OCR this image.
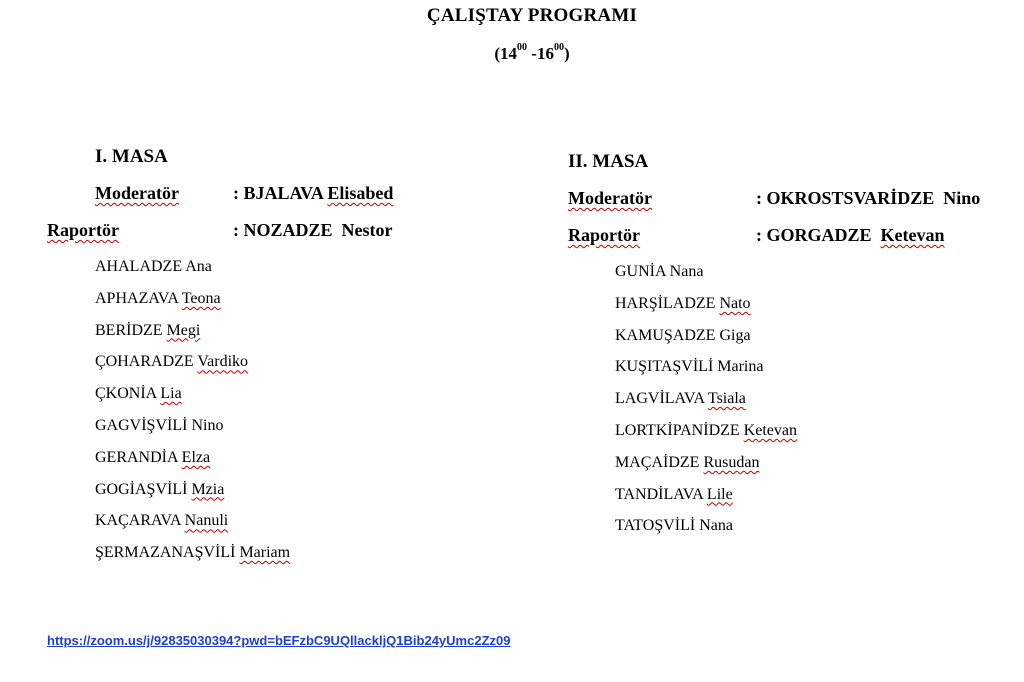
ÇALIŞTAY PROGRAMI
($14^{00}$ $-16^{00}$)
I. MASA
Moderatör	: BJALAVA Elisabed
Raportör	: NOZADZE Nestor
AHALADZE Ana
APHAZAVA Teona
BERİDZE Megi
ÇOHARADZE Vardiko
ÇKONİA Lia
GAGVİŞVİLİ Nino
GERANDİA Elza
GOGİAŞVİLİ Mzia
KAÇARAVA Nanuli
ŞERMAZANAŞVİLİ Mariam
II. MASA
Moderatör	: OKROSTSVARİDZE Nino
Raportör	: GORGADZE Ketevan
GUNİA Nana
HARŞİLADZE Nato
KAMUŞADZE Giga
KUŞITAŞVİLİ Marina
LAGVİLAVA Tsiala
LORTKİPANİDZE Ketevan
MAÇAİDZE Rusudan
TANDİLAVA Lile
TATOŞVİLİ Nana
https://zoom.us/j/92835030394?pwd=bEFzbC9UQllackljQ1Bib24yUmc2Zz09
